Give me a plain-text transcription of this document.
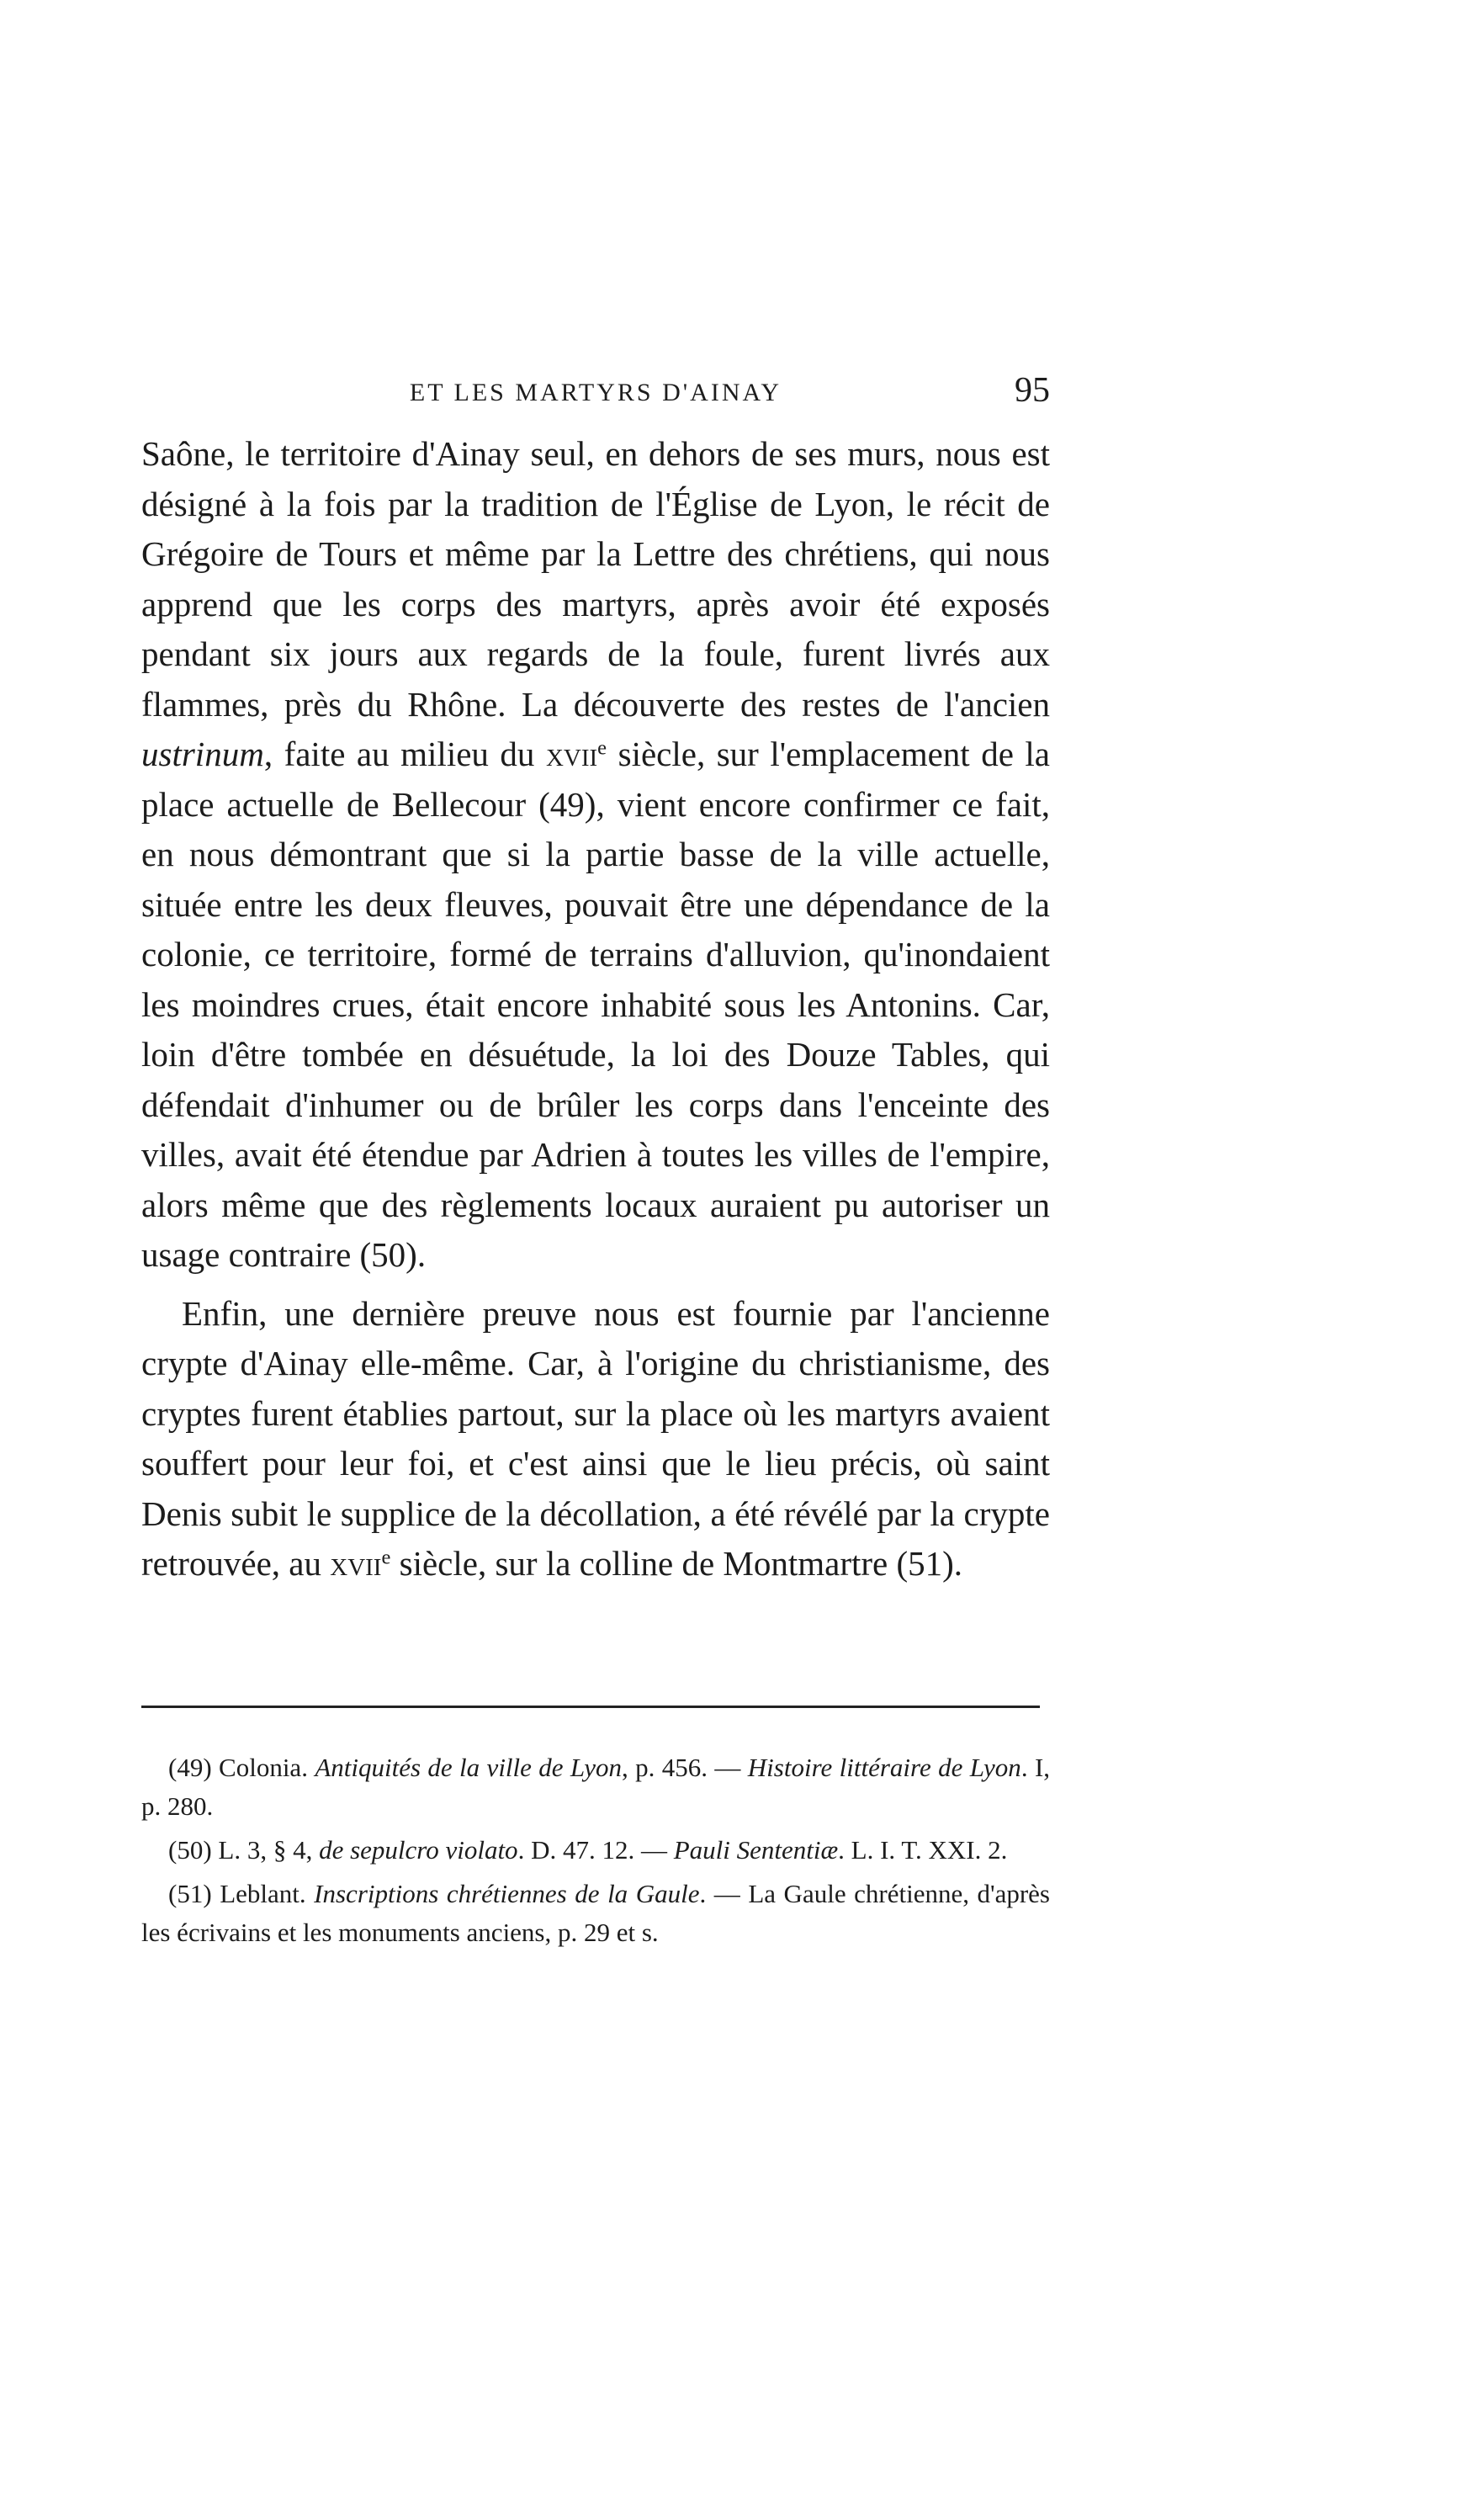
ET LES MARTYRS D'AINAY	95

Saône, le territoire d'Ainay seul, en dehors de ses murs, nous est désigné à la fois par la tradition de l'Église de Lyon, le récit de Grégoire de Tours et même par la Lettre des chrétiens, qui nous apprend que les corps des martyrs, après avoir été exposés pendant six jours aux regards de la foule, furent livrés aux flammes, près du Rhône. La découverte des restes de l'ancien ustrinum, faite au milieu du xvii$^e$ siècle, sur l'emplacement de la place actuelle de Bellecour (49), vient encore confirmer ce fait, en nous démontrant que si la partie basse de la ville actuelle, située entre les deux fleuves, pouvait être une dépendance de la colonie, ce territoire, formé de terrains d'alluvion, qu'inondaient les moindres crues, était encore inhabité sous les Antonins. Car, loin d'être tombée en désuétude, la loi des Douze Tables, qui défendait d'inhumer ou de brûler les corps dans l'enceinte des villes, avait été étendue par Adrien à toutes les villes de l'empire, alors même que des règlements locaux auraient pu autoriser un usage contraire (50).

Enfin, une dernière preuve nous est fournie par l'ancienne crypte d'Ainay elle-même. Car, à l'origine du christianisme, des cryptes furent établies partout, sur la place où les martyrs avaient souffert pour leur foi, et c'est ainsi que le lieu précis, où saint Denis subit le supplice de la décollation, a été révélé par la crypte retrouvée, au xvii$^e$ siècle, sur la colline de Montmartre (51).

(49) Colonia. Antiquités de la ville de Lyon, p. 456. — Histoire littéraire de Lyon. I, p. 280.

(50) L. 3, § 4, de sepulcro violato. D. 47. 12. — Pauli Sententiæ. L. I. T. XXI. 2.

(51) Leblant. Inscriptions chrétiennes de la Gaule. — La Gaule chrétienne, d'après les écrivains et les monuments anciens, p. 29 et s.
